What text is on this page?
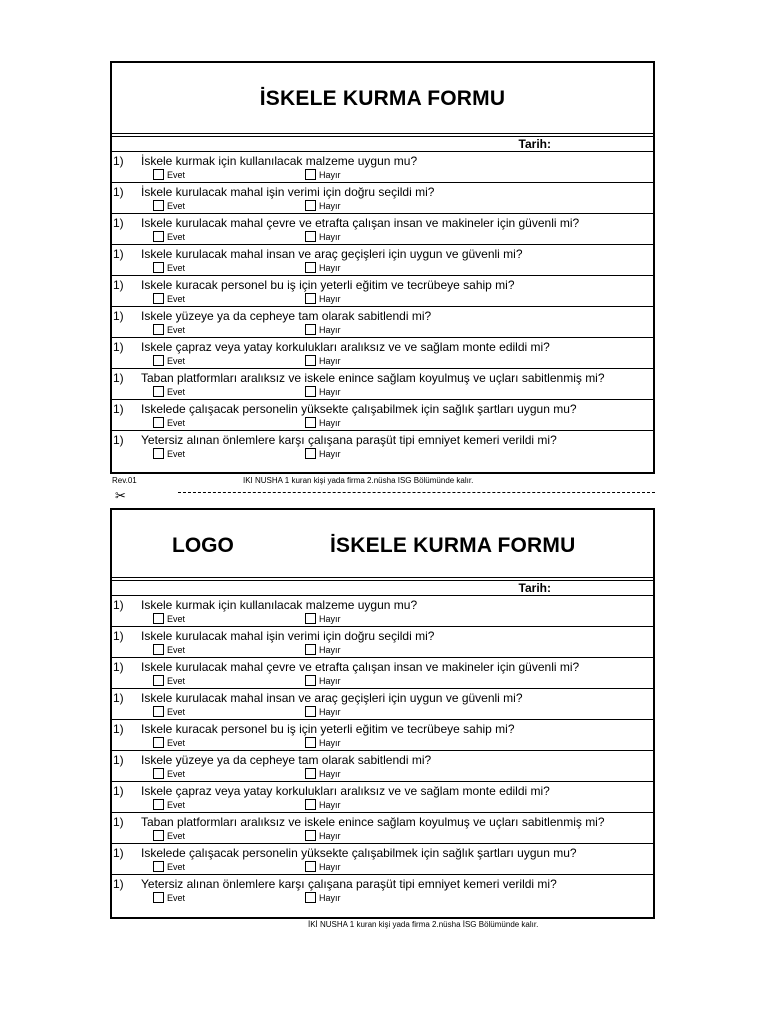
İSKELE KURMA FORMU
Tarih:
1) İskele kurmak için kullanılacak malzeme uygun mu?
Evet	Hayır
1) İskele kurulacak mahal işin verimi için doğru seçildi mi?
Evet	Hayır
1) Iskele kurulacak mahal çevre ve etrafta çalışan insan ve makineler için güvenli mi?
Evet	Hayır
1) Iskele kurulacak mahal insan ve araç geçişleri için uygun ve güvenli mi?
Evet	Hayır
1) Iskele kuracak personel bu iş için yeterli eğitim ve tecrübeye sahip mi?
Evet	Hayır
1) Iskele yüzeye ya da cepheye tam olarak sabitlendi mi?
Evet	Hayır
1) Iskele çapraz veya yatay korkulukları aralıksız ve ve sağlam monte edildi mi?
Evet	Hayır
1) Taban platformları aralıksız ve iskele enince sağlam koyulmuş ve uçları sabitlenmiş mi?
Evet	Hayır
1) Iskelede çalışacak personelin yüksekte çalışabilmek için sağlık şartları uygun mu?
Evet	Hayır
1) Yetersiz alınan önlemlere karşı çalışana paraşüt tipi emniyet kemeri verildi mi?
Evet	Hayır
Rev.01	IKI NUSHA 1 kuran kişi yada firma 2.nüsha ISG Bölümünde kalır.
✂
LOGO	İSKELE KURMA FORMU
Tarih:
1) Iskele kurmak için kullanılacak malzeme uygun mu?
Evet	Hayır
1) Iskele kurulacak mahal işin verimi için doğru seçildi mi?
Evet	Hayır
1) Iskele kurulacak mahal çevre ve etrafta çalışan insan ve makineler için güvenli mi?
Evet	Hayır
1) Iskele kurulacak mahal insan ve araç geçişleri için uygun ve güvenli mi?
Evet	Hayır
1) Iskele kuracak personel bu iş için yeterli eğitim ve tecrübeye sahip mi?
Evet	Hayır
1) Iskele yüzeye ya da cepheye tam olarak sabitlendi mi?
Evet	Hayır
1) Iskele çapraz veya yatay korkulukları aralıksız ve ve sağlam monte edildi mi?
Evet	Hayır
1) Taban platformları aralıksız ve iskele enince sağlam koyulmuş ve uçları sabitlenmiş mi?
Evet	Hayır
1) Iskelede çalışacak personelin yüksekte çalışabilmek için sağlık şartları uygun mu?
Evet	Hayır
1) Yetersiz alınan önlemlere karşı çalışana paraşüt tipi emniyet kemeri verildi mi?
Evet	Hayır
İKİ NUSHA 1 kuran kişi yada firma 2.nüsha İSG Bölümünde kalır.
